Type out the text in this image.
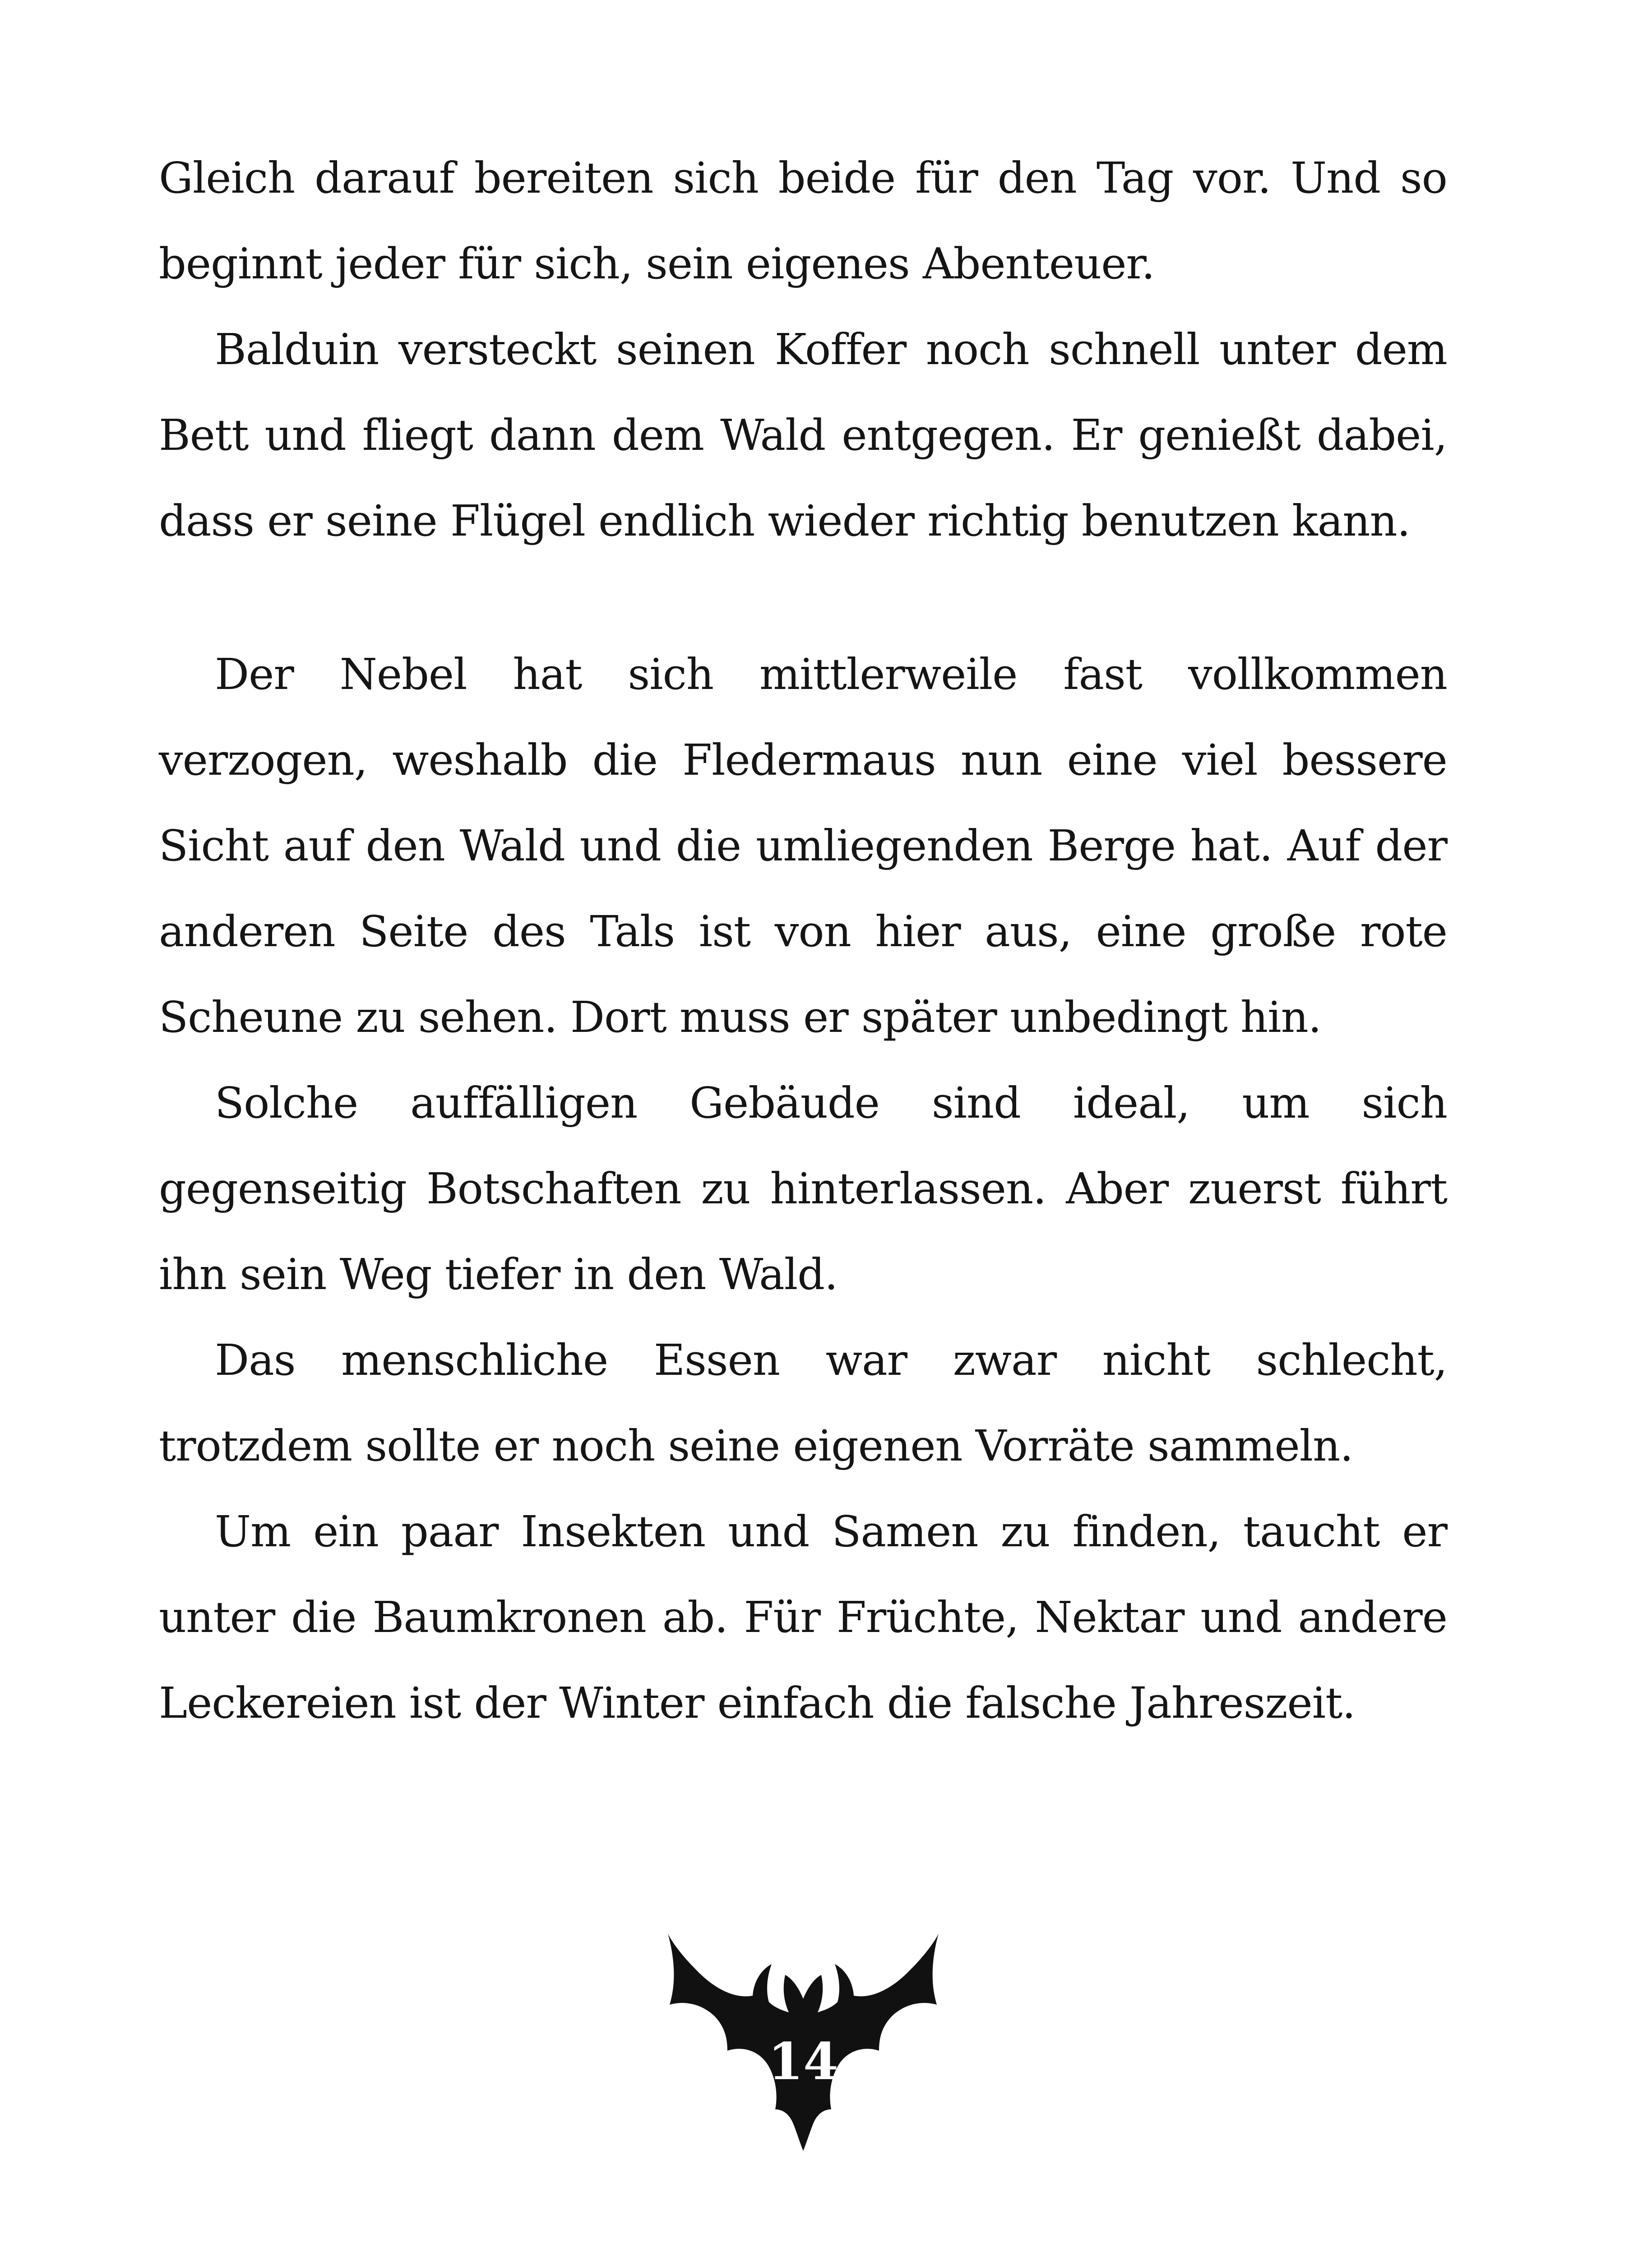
Gleich darauf bereiten sich beide für den Tag vor. Und so beginnt jeder für sich, sein eigenes Abenteuer.

Balduin versteckt seinen Koffer noch schnell unter dem Bett und fliegt dann dem Wald entgegen. Er genießt dabei, dass er seine Flügel endlich wieder richtig benutzen kann.

Der Nebel hat sich mittlerweile fast vollkommen verzogen, weshalb die Fledermaus nun eine viel bessere Sicht auf den Wald und die umliegenden Berge hat. Auf der anderen Seite des Tals ist von hier aus, eine große rote Scheune zu sehen. Dort muss er später unbedingt hin.

Solche auffälligen Gebäude sind ideal, um sich gegenseitig Botschaften zu hinterlassen. Aber zuerst führt ihn sein Weg tiefer in den Wald.

Das menschliche Essen war zwar nicht schlecht, trotzdem sollte er noch seine eigenen Vorräte sammeln.

Um ein paar Insekten und Samen zu finden, taucht er unter die Baumkronen ab. Für Früchte, Nektar und andere Leckereien ist der Winter einfach die falsche Jahreszeit.

14
